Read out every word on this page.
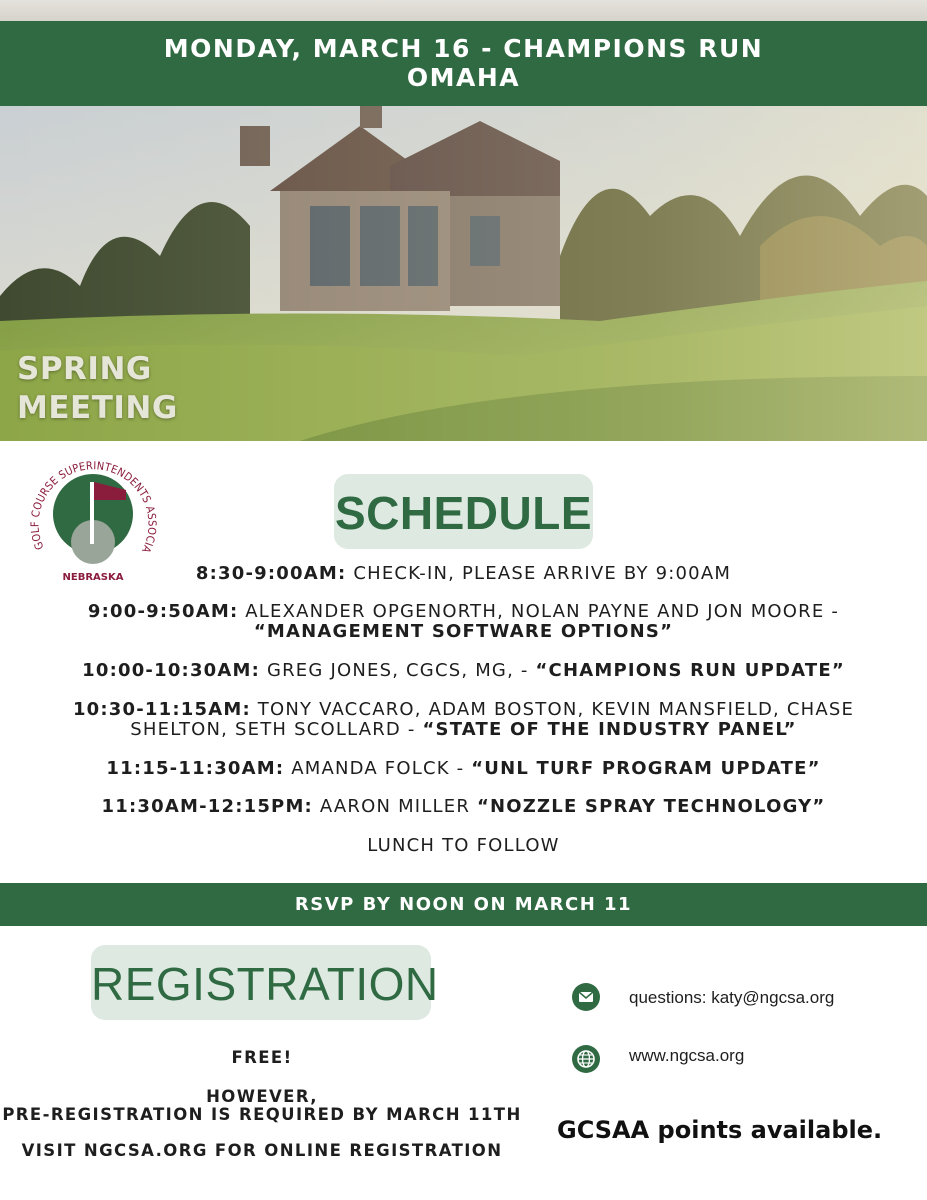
MONDAY, MARCH 16 - CHAMPIONS RUN
OMAHA
SPRING
MEETING
GOLF COURSE SUPERINTENDENTS ASSOCIA
NEBRASKA
SCHEDULE
8:30-9:00AM: CHECK-IN, PLEASE ARRIVE BY 9:00AM
9:00-9:50AM: ALEXANDER OPGENORTH, NOLAN PAYNE AND JON MOORE -
“MANAGEMENT SOFTWARE OPTIONS”
10:00-10:30AM: GREG JONES, CGCS, MG, - “CHAMPIONS RUN UPDATE”
10:30-11:15AM: TONY VACCARO, ADAM BOSTON, KEVIN MANSFIELD, CHASE
SHELTON, SETH SCOLLARD - “STATE OF THE INDUSTRY PANEL”
11:15-11:30AM: AMANDA FOLCK - “UNL TURF PROGRAM UPDATE”
11:30AM-12:15PM: AARON MILLER “NOZZLE SPRAY TECHNOLOGY”
LUNCH TO FOLLOW
RSVP BY NOON ON MARCH 11
REGISTRATION
FREE!
HOWEVER,
PRE-REGISTRATION IS REQUIRED BY MARCH 11TH
VISIT NGCSA.ORG FOR ONLINE REGISTRATION
questions: katy@ngcsa.org
www.ngcsa.org
GCSAA points available.
